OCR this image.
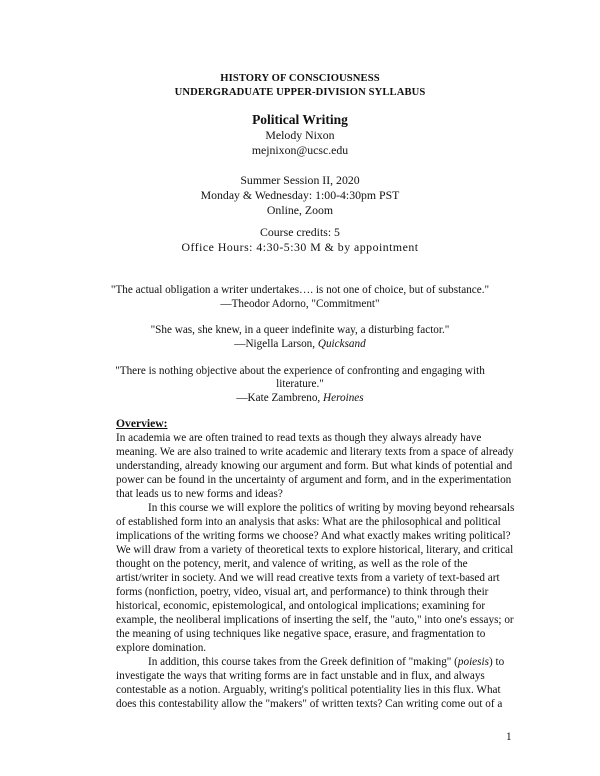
HISTORY OF CONSCIOUSNESS
UNDERGRADUATE UPPER-DIVISION SYLLABUS
Political Writing
Melody Nixon
mejnixon@ucsc.edu
Summer Session II, 2020
Monday & Wednesday: 1:00-4:30pm PST
Online, Zoom
Course credits: 5
Office Hours: 4:30-5:30 M & by appointment
"The actual obligation a writer undertakes…. is not one of choice, but of substance."
—Theodor Adorno, "Commitment"
"She was, she knew, in a queer indefinite way, a disturbing factor."
—Nigella Larson, Quicksand
"There is nothing objective about the experience of confronting and engaging with
literature."
—Kate Zambreno, Heroines
Overview:
In academia we are often trained to read texts as though they always already have
meaning. We are also trained to write academic and literary texts from a space of already
understanding, already knowing our argument and form. But what kinds of potential and
power can be found in the uncertainty of argument and form, and in the experimentation
that leads us to new forms and ideas?
In this course we will explore the politics of writing by moving beyond rehearsals
of established form into an analysis that asks: What are the philosophical and political
implications of the writing forms we choose? And what exactly makes writing political?
We will draw from a variety of theoretical texts to explore historical, literary, and critical
thought on the potency, merit, and valence of writing, as well as the role of the
artist/writer in society. And we will read creative texts from a variety of text-based art
forms (nonfiction, poetry, video, visual art, and performance) to think through their
historical, economic, epistemological, and ontological implications; examining for
example, the neoliberal implications of inserting the self, the "auto," into one's essays; or
the meaning of using techniques like negative space, erasure, and fragmentation to
explore domination.
In addition, this course takes from the Greek definition of "making" (poiesis) to
investigate the ways that writing forms are in fact unstable and in flux, and always
contestable as a notion. Arguably, writing's political potentiality lies in this flux. What
does this contestability allow the "makers" of written texts? Can writing come out of a
1
